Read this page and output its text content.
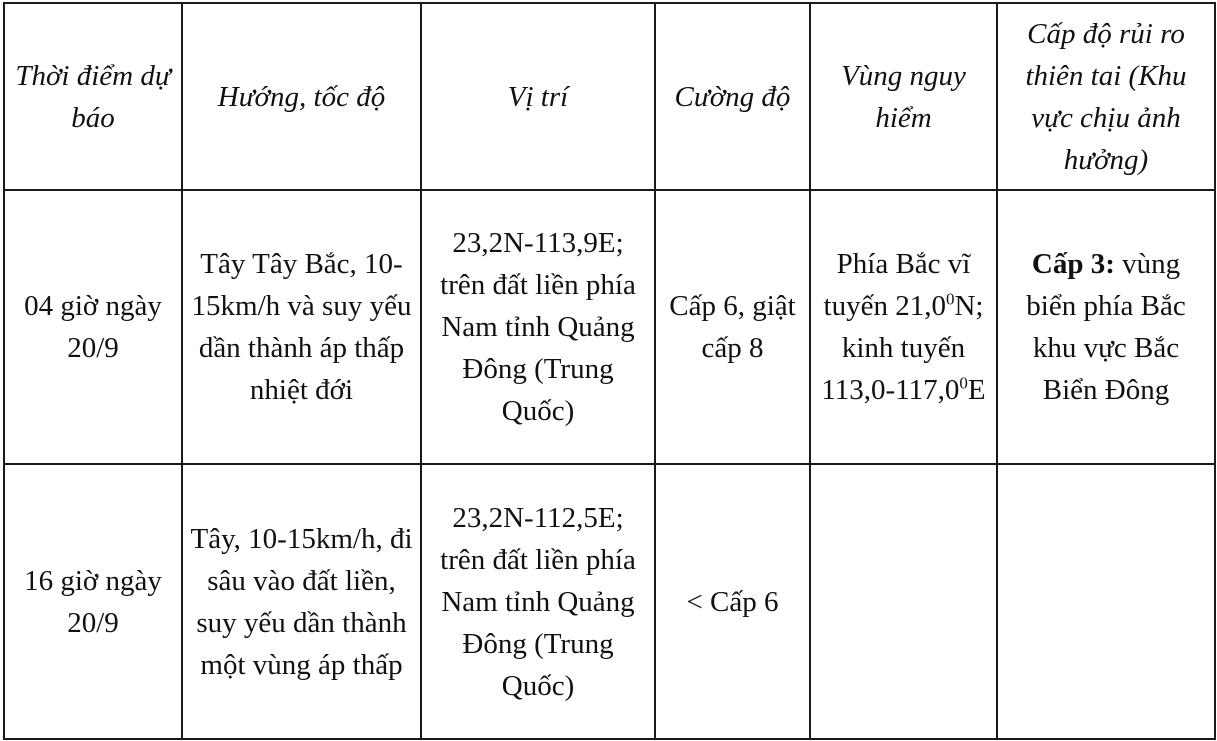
Thời điểm dự báo	Hướng, tốc độ	Vị trí	Cường độ	Vùng nguy hiểm	Cấp độ rủi ro thiên tai (Khu vực chịu ảnh hưởng)
04 giờ ngày 20/9	Tây Tây Bắc, 10-15km/h và suy yếu dần thành áp thấp nhiệt đới	23,2N-113,9E; trên đất liền phía Nam tỉnh Quảng Đông (Trung Quốc)	Cấp 6, giật cấp 8	Phía Bắc vĩ tuyến 21,0$^0$N; kinh tuyến 113,0-117,0$^0$E	Cấp 3: vùng biển phía Bắc khu vực Bắc Biển Đông
16 giờ ngày 20/9	Tây, 10-15km/h, đi sâu vào đất liền, suy yếu dần thành một vùng áp thấp	23,2N-112,5E; trên đất liền phía Nam tỉnh Quảng Đông (Trung Quốc)	< Cấp 6		
